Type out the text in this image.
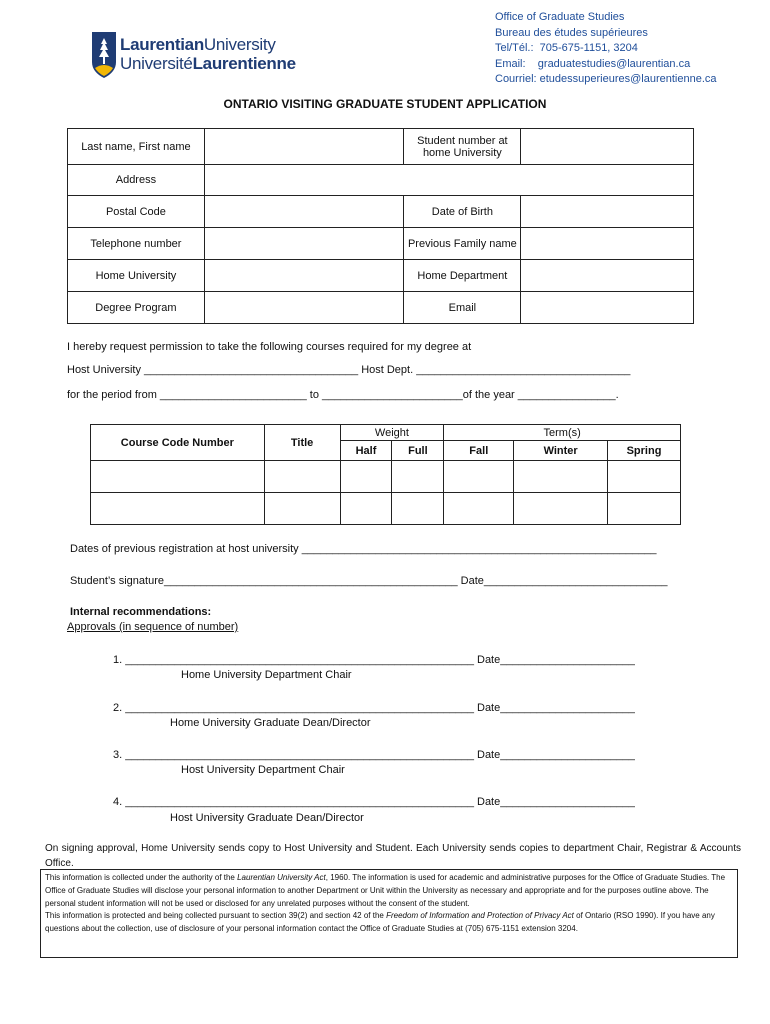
LaurentianUniversity
UniversitéLaurentienne
Office of Graduate Studies
Bureau des études supérieures
Tel/Tél.:  705-675-1151, 3204
Email:    graduatestudies@laurentian.ca
Courriel: etudessuperieures@laurentienne.ca
ONTARIO VISITING GRADUATE STUDENT APPLICATION
Last name, First name		Student number at home University	
Address			
Postal Code		Date of Birth	
Telephone number		Previous Family name	
Home University		Home Department	
Degree Program		Email	
I hereby request permission to take the following courses required for my degree at
Host University ___________________________________ Host Dept. ___________________________________
for the period from ________________________ to _______________________of the year ________________.
Course Code Number	Title	Weight		Term(s)		
		Half	Full	Fall	Winter	Spring

Dates of previous registration at host university __________________________________________________________
Student’s signature________________________________________________ Date______________________________
Internal recommendations:
Approvals (in sequence of number)
1. _________________________________________________________ Date______________________
Home University Department Chair
2. _________________________________________________________ Date______________________
Home University Graduate Dean/Director
3. _________________________________________________________ Date______________________
Host University Department Chair
4. _________________________________________________________ Date______________________
Host University Graduate Dean/Director
On signing approval, Home University sends copy to Host University and Student. Each University sends copies to department Chair, Registrar & Accounts Office.

This information is collected under the authority of the Laurentian University Act, 1960. The information is used for academic and administrative purposes for the Office of Graduate Studies. The Office of Graduate Studies will disclose your personal information to another Department or Unit within the University as necessary and appropriate and for the purposes outline above. The personal student information will not be used or disclosed for any unrelated purposes without the consent of the student.

This information is protected and being collected pursuant to section 39(2) and section 42 of the Freedom of Information and Protection of Privacy Act of Ontario (RSO 1990). If you have any questions about the collection, use of disclosure of your personal information contact the Office of Graduate Studies at (705) 675-1151 extension 3204.
